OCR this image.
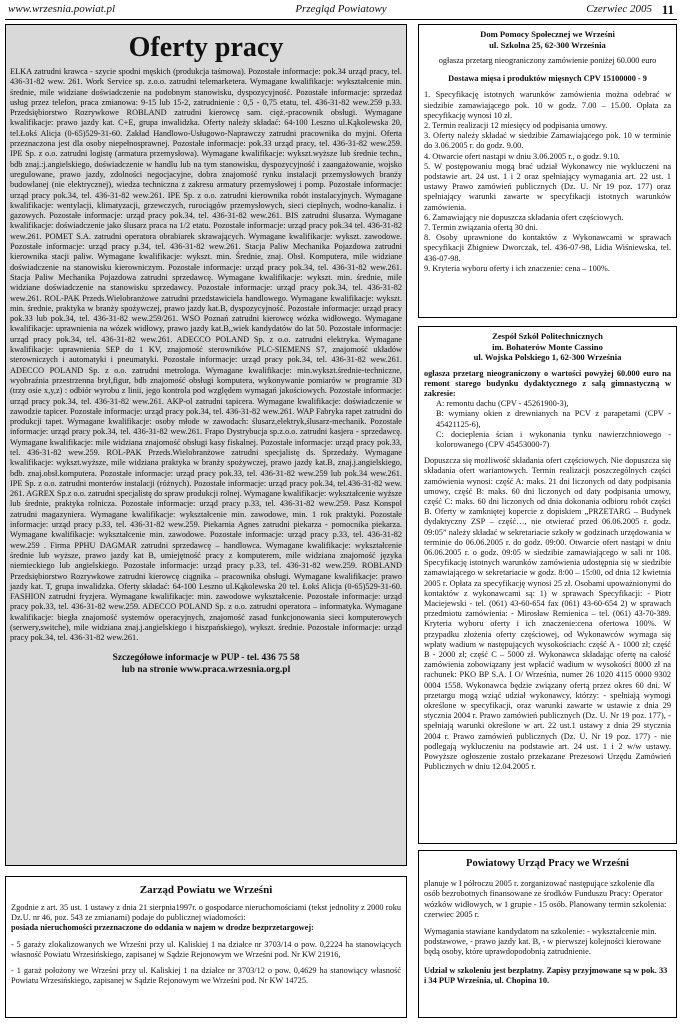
www.wrzesnia.powiat.pl	Przegląd Powiatowy	Czerwiec 2005 11
Oferty pracy

ELKA zatrudni krawca - szycie spodni męskich (produkcja taśmowa). Pozostałe informacje: pok.34 urząd pracy, tel. 436-31-82 wew. 261. Work Service sp. z.o.o. zatrudni telemarketera. Wymagane kwalifikacje: wykształcenie min. średnie, mile widziane doświadczenie na podobnym stanowisku, dyspozycyjność. Pozostałe informacje: sprzedaż usług przez telefon, praca zmianowa: 9-15 lub 15-2, zatrudnienie : 0,5 - 0,75 etatu, tel. 436-31-82 wew.259 p.33. Przedsiębiorstwo Rozrywkowe ROBLAND zatrudni kierowcę sam. cięż.-pracownik obsługi. Wymagane kwalifikacje: prawo jazdy kat. C+E, grupa inwalidzka. Oferty należy składać: 64-100 Leszno ul.Kąkolewska 20, tel.Łokś Alicja (0-65)529-31-60. Zakład Handlowo-Usługowo-Naprawczy zatrudni pracownika do myjni. Oferta przeznaczona jest dla osoby niepełnosprawnej. Pozostałe informacje: pok.33 urząd pracy, tel. 436-31-82 wew.259. IPE Sp. z o.o. zatrudni logistę (armatura przemysłowa). Wymagane kwalifikacje: wykszt.wyższe lub średnie techn., bdb znaj.:j.angielskiego, doświadczenie w handlu lub na tym stanowisku, dyspozycyjność i zaangażowanie, wojsko uregulowane, prawo jazdy, zdolności negocjacyjne, dobra znajomość rynku instalacji przemysłowych branży budowlanej (nie elektrycznej), wiedza techniczna z zakresu armatury przemysłowej i pomp. Pozostałe informacje: urząd pracy pok.34, tel. 436-31-82 wew.261. IPE Sp. z o.o. zatrudni kierownika robót instalacyjnych. Wymagane kwalifikacje: wentylacji, klimatyzacji, grzewczych, rurociągów przemysłowych, sieci cieplnych, wodno-kanaliz. i gazowych. Pozostałe informacje: urząd pracy pok.34, tel. 436-31-82 wew.261. BIS zatrudni ślusarza. Wymagane kwalifikacje: doświadczenie jako ślusarz praca na 1/2 etatu. Pozostałe informacje: urząd pracy pok.34 tel. 436-31-82 wew.261. POMET S.A. zatrudni operatora obrabiarek skrawających. Wymagane kwalifikacje: wykszt. zawodowe. Pozostałe informacje: urząd pracy p.34, tel. 436-31-82 wew.261. Stacja Paliw Mechanika Pojazdowa zatrudni kierownika stacji paliw. Wymagane kwalifikacje: wykszt. min. Średnie, znaj. Obsł. Komputera, mile widziane doświadczenie na stanowisku kierowniczym. Pozostałe informacje: urząd pracy pok.34, tel. 436-31-82 wew.261. Stacja Paliw Mechanika Pojazdowa zatrudni sprzedawcę. Wymagane kwalifikacje: wykszt. min. średnie, mile widziane doświadczenie na stanowisku sprzedawcy. Pozostałe informacje: urząd pracy pok.34, tel. 436-31-82 wew.261. ROL-PAK Przeds.Wielobranżowe zatrudni przedstawiciela handlowego. Wymagane kwalifikacje: wykszt. min. średnie, praktyka w branży spożywczej, prawo jazdy kat.B, dyspozycyjność. Pozostałe informacje: urząd pracy pok.33 lub pok.34, tel. 436-31-82 wew.259/261. WSO Poznań zatrudni kierowcę wózka widłowego. Wymagane kwalifikacje: uprawnienia na wózek widłowy, prawo jazdy kat.B,,wiek kandydatów do lat 50. Pozostałe informacje: urząd pracy pok.34, tel. 436-31-82 wew.261. ADECCO POLAND Sp. z o.o. zatrudni elektryka. Wymagane kwalifikacje: uprawnienia SEP do 1 KV, znajomość sterowników PLC-SIEMENS S7, znajomość układów sterowniczych i automatyki i pneumatyki. Pozostałe informacje: urząd pracy pok.34, tel. 436-31-82 wew.261. ADECCO POLAND Sp. z o.o. zatrudni metrologa. Wymagane kwalifikacje: min.wykszt.średnie-techniczne, wyobraźnia przestrzenna brył,figur, bdb znajomość obsługi komputera, wykonywanie pomiarów w programie 3D (trzy osie x,y,z) : odbiór wyrobu z linii, jego kontrola pod względem wymagań jakościowych. Pozostałe informacje: urząd pracy pok.34, tel. 436-31-82 wew.261. AKP-ol zatrudni tapicera. Wymagane kwalifikacje: doświadczenie w zawodzie tapicer. Pozostałe informacje: urząd pracy pok.34, tel. 436-31-82 wew.261. WAP Fabryka rapet zatrudni do produkcji tapet. Wymagane kwalifikacje: osoby młode w zawodach: ślusarz,elektryk,ślusarz-mechanik. Pozostałe informacje: urząd pracy pok.34, tel. 436-31-82 wew.261. Frapo Dystrybucja sp.z.o.o. zatrudni kasjera - sprzedawcę. Wymagane kwalifikacje: mile widziana znajomość obsługi kasy fiskalnej. Pozostałe informacje: urząd pracy pok.33, tel. 436-31-82 wew.259. ROL-PAK Przeds.Wielobranżowe zatrudni specjalistę ds. Sprzedaży. Wymagane kwalifikacje: wykszt.wyższe, mile widziana praktyka w branży spożywczej, prawo jazdy kat.B, znaj.j.angielskiego, bdb. znaj.obsł.komputera. Pozostałe informacje: urząd pracy pok.33, tel. 436-31-82 wew.259 lub pok.34 wew.261. IPE Sp. z o.o. zatrudni monterów instalacji (różnych). Pozostałe informacje: urząd pracy pok.34, tel.436-31-82 wew. 261. AGREX Sp.z o.o. zatrudni specjalistę do spraw produkcji rolnej. Wymagane kwalifikacje: wykształcenie wyższe lub średnie, praktyka rolnicza. Pozostałe informacje: urząd pracy p.33, tel. 436-31-82 wew.259. Pasz Konspol zatrudni magazyniera. Wymagane kwalifikacje: wykształcenie min. zawodowe, min. 1 rok praktyki. Pozostałe informacje: urząd pracy p.33, tel. 436-31-82 wew.259. Piekarnia Agnes zatrudni piekarza - pomocnika piekarza. Wymagane kwalifikacje: wykształcenie min. zawodowe. Pozostałe informacje: urząd pracy p.33, tel. 436-31-82 wew.259 . Firma PPHU DAGMAR zatrudni sprzedawcę – handlowca. Wymagane kwalifikacje: wykształcenie średnie lub wyższe, prawo jazdy kat B, umiejętność pracy z komputerem, mile widziana znajomość języka niemieckiego lub angielskiego. Pozostałe informacje: urząd pracy p.33, tel. 436-31-82 wew.259. ROBLAND Przedsiębiorstwo Rozrywkowe zatrudni kierowcę ciągnika – pracownika obsługi. Wymagane kwalifikacje: prawo jazdy kat. T, grupa inwalidzka. Oferty składać: 64-100 Leszno ul.Kąkolewska 20 tel. Łokś Alicja (0-65)529-31-60. FASHION zatrudni fryzjera. Wymagane kwalifikacje: min. zawodowe wykształcenie. Pozostałe informacje: urząd pracy pok.33, tel. 436-31-82 wew.259. ADECCO POLAND Sp. z o.o. zatrudni operatora – informatyka. Wymagane kwalifikacje: biegła znajomość systemów operacyjnych, znajomość zasad funkcjonowania sieci komputerowych (serwery,switche), mile widziana znaj.j.angielskiego i hiszpańskiego), wykszt. średnie. Pozostałe informacje: urząd pracy pok.34, tel. 436-31-82 wew.261.

Szczegółowe informacje w PUP - tel. 436 75 58
lub na stronie www.praca.wrzesnia.org.pl
Zarząd Powiatu we Wrześni

Zgodnie z art. 35 ust. 1 ustawy z dnia 21 sierpnia1997r. o gospodarce nieruchomościami (tekst jednolity z 2000 roku Dz.U. nr 46, poz. 543 ze zmianami) podaje do publicznej wiadomości:

posiada nieruchomości przeznaczone do oddania w najem w drodze bezprzetargowej:

- 5 garaży zlokalizowanych we Wrześni przy ul. Kaliskiej 1 na działce nr 3703/14 o pow. 0,2224 ha stanowiących własność Powiatu Wrzesińskiego, zapisanej w Sądzie Rejonowym we Wrześni pod. Nr KW 21916,

- 1 garaż położony we Wrześni przy ul. Kaliskiej 1 na działce nr 3703/12 o pow. 0,4629 ha stanowiący własność Powiatu Wrzesińskiego, zapisanej w Sądzie Rejonowym we Wrześni pod. Nr KW 14725.

Dom Pomocy Społecznej we Wrześni
ul. Szkolna 25, 62-300 Września

ogłasza przetarg nieograniczony zamówienie poniżej 60.000 euro

Dostawa mięsa i produktów mięsnych CPV 15100000 - 9

1. Specyfikację istotnych warunków zamówienia można odebrać w siedzibie zamawiającego pok. 10 w godz. 7.00 – 15.00. Opłata za specyfikację wynosi 10 zł.

2. Termin realizacji 12 miesięcy od podpisania umowy.

3. Oferty należy składać w siedzibie Zamawiającego pok. 10 w terminie do 3.06.2005 r. do godz. 9.00.

4. Otwarcie ofert nastąpi w dniu 3.06.2005 r., o godz. 9.10.

5. W postępowaniu mogą brać udział Wykonawcy nie wykluczeni na podstawie art. 24 ust. 1 i 2 oraz spełniający wymagania art. 22 ust. 1 ustawy Prawo zamówień publicznych (Dz. U. Nr 19 poz. 177) oraz spełniający warunki zawarte w specyfikacji istotnych warunków zamówienia.

6. Zamawiający nie dopuszcza składania ofert częściowych.

7. Termin związania ofertą 30 dni.

8. Osoby uprawnione do kontaktów z Wykonawcami w sprawach specyfikacji Zbigniew Dworczak, tel. 436-07-98, Lidia Wiśniewska, tel. 436-07-98.

9. Kryteria wyboru oferty i ich znaczenie: cena – 100%.

Zespół Szkół Politechnicznych
im. Bohaterów Monte Cassino
ul. Wojska Polskiego 1, 62-300 Września

ogłasza przetarg nieograniczony o wartości powyżej 60.000 euro na remont starego budynku dydaktycznego z salą gimnastyczną w zakresie:

A: remontu dachu (CPV - 45261900-3),

B: wymiany okien z drewnianych na PCV z parapetami (CPV - 45421125-6),

C: docieplenia ścian i wykonania tynku nawierzchniowego - kolorowanego (CPV 45453000-7)

Dopuszcza się możliwość składania ofert częściowych. Nie dopuszcza się składania ofert wariantowych. Termin realizacji poszczególnych części zamówienia wynosi: część A: maks. 21 dni liczonych od daty podpisania umowy, część B: maks. 60 dni liczonych od daty podpisania umowy, część C: maks. 60 dni liczonych od dnia dokonania odbioru robót części B. Oferty w zamkniętej kopercie z dopiskiem „PRZETARG – Budynek dydaktyczny ZSP – część…, nie otwierać przed 06.06.2005 r. godz. 09:05” należy składać w sekretariacie szkoły w godzinach urzędowania w terminie do 06.06.2005 r. do godz. 09:00. Otwarcie ofert nastąpi w dniu 06.06.2005 r. o godz. 09:05 w siedzibie zamawiającego w sali nr 108. Specyfikację istotnych warunków zamówienia udostępnia się w siedzibie zamawiającego w sekretariacie w godz. 8:00 – 15:00, od dnia 12 kwietnia 2005 r. Opłata za specyfikację wynosi 25 zł. Osobami upoważnionymi do kontaktów z wykonawcami są: 1) w sprawach Specyfikacji: - Piotr Maciejewski - tel. (061) 43-60-654 fax (061) 43-60-654 2) w sprawach przedmiotu zamówienia: - Mirosław Remienica – tel. (061) 43-70-389. Kryteria wyboru oferty i ich znaczenie:cena ofertowa 100%. W przypadku złożenia oferty częściowej, od Wykonawców wymaga się wpłaty wadium w następujących wysokościach: część A - 1000 zł; część B - 2000 zł; część C – 5000 zł. Wykonawca składając ofertę na całość zamówienia zobowiązany jest wpłacić wadium w wysokości 8000 zł na rachunek: PKO BP S.A. I O/ Września, numer 26 1020 4115 0000 9302 0004 1558. Wykonawca będzie związany ofertą przez okres 60 dni. W przetargu mogą wziąć udział wykonawcy, którzy: - spełniają wymogi określone w specyfikacji, oraz warunki zawarte w ustawie z dnia 29 stycznia 2004 r. Prawo zamówień publicznych (Dz. U. Nr 19 poz. 177), - spełniają warunki określone w art. 22 ust.1 ustawy z dnia 29 stycznia 2004 r. Prawo zamówień publicznych (Dz. U. Nr 19 poz. 177) - nie podlegają wykluczeniu na podstawie art. 24 ust. 1 i 2 w/w ustawy. Powyższe ogłoszenie zostało przekazane Prezesowi Urzędu Zamówień Publicznych w dniu 12.04.2005 r.

Powiatowy Urząd Pracy we Wrześni

planuje w I półroczu 2005 r. zorganizować następujące szkolenie dla osób bezrobotnych finansowane ze środków Funduszu Pracy: Operator wózków widłowych, w 1 grupie - 15 osób. Planowany termin szkolenia: czerwiec 2005 r.

Wymagania stawiane kandydatom na szkolenie: - wykształcenie min. podstawowe, - prawo jazdy kat. B, - w pierwszej kolejności kierowane będą osoby, które uprawdopodobnią zatrudnienie.

Udział w szkoleniu jest bezpłatny. Zapisy przyjmowane są w pok. 33 i 34 PUP Września, ul. Chopina 10.
